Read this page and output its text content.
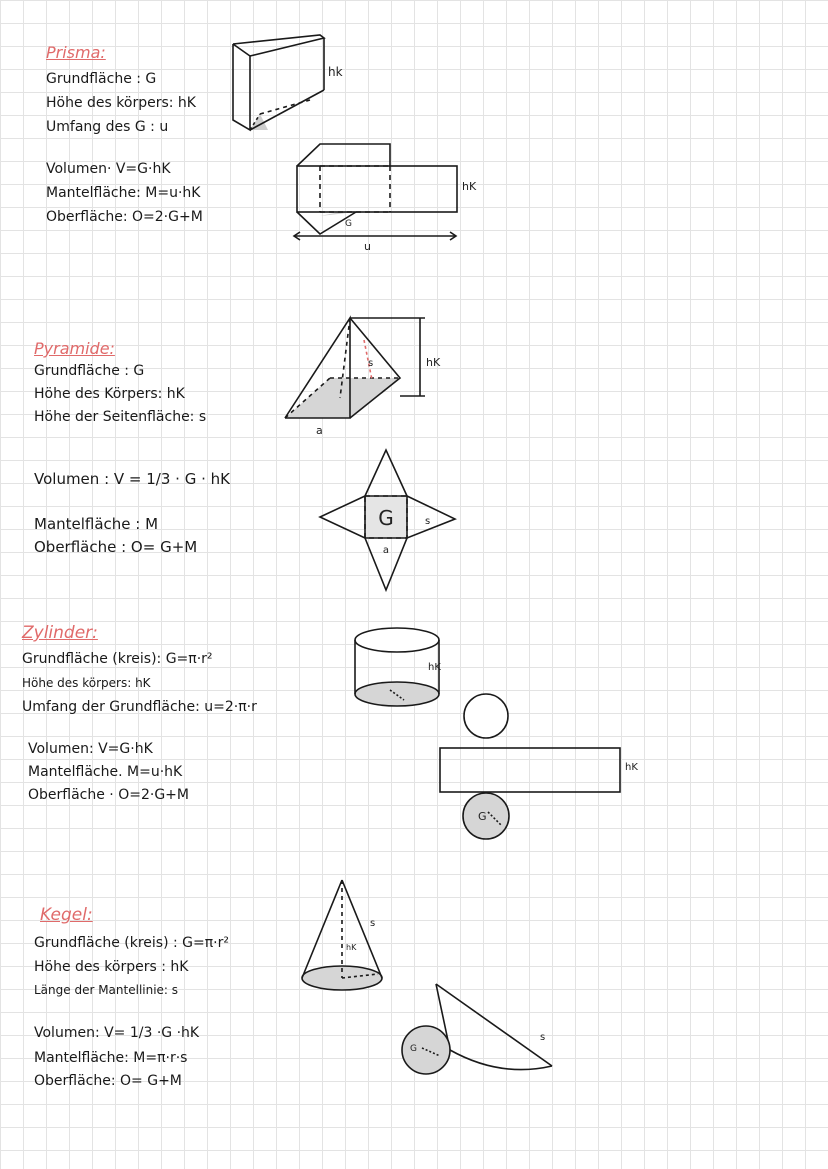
Prisma:
Grundfläche : G
Höhe des körpers: hK
Umfang des G : u
Volumen· V=G·hK
Mantelfläche: M=u·hK
Oberfläche: O=2·G+M
hk
G
u
hK
Pyramide:
Grundfläche : G
Höhe des Körpers: hK
Höhe der Seitenfläche: s
Volumen : V = 1/3 · G · hK
Mantelfläche : M
Oberfläche : O= G+M
a
s	hK
G
a
s
Zylinder:
Grundfläche (kreis): G=π·r²
Höhe des körpers: hK
Umfang der Grundfläche: u=2·π·r
Volumen: V=G·hK
Mantelfläche. M=u·hK
Oberfläche · O=2·G+M
hK
G
hK
Kegel:
Grundfläche (kreis) : G=π·r²
Höhe des körpers : hK
Länge der Mantellinie: s
Volumen: V= 1/3 ·G ·hK
Mantelfläche: M=π·r·s
Oberfläche: O= G+M
s
hK
G
s
